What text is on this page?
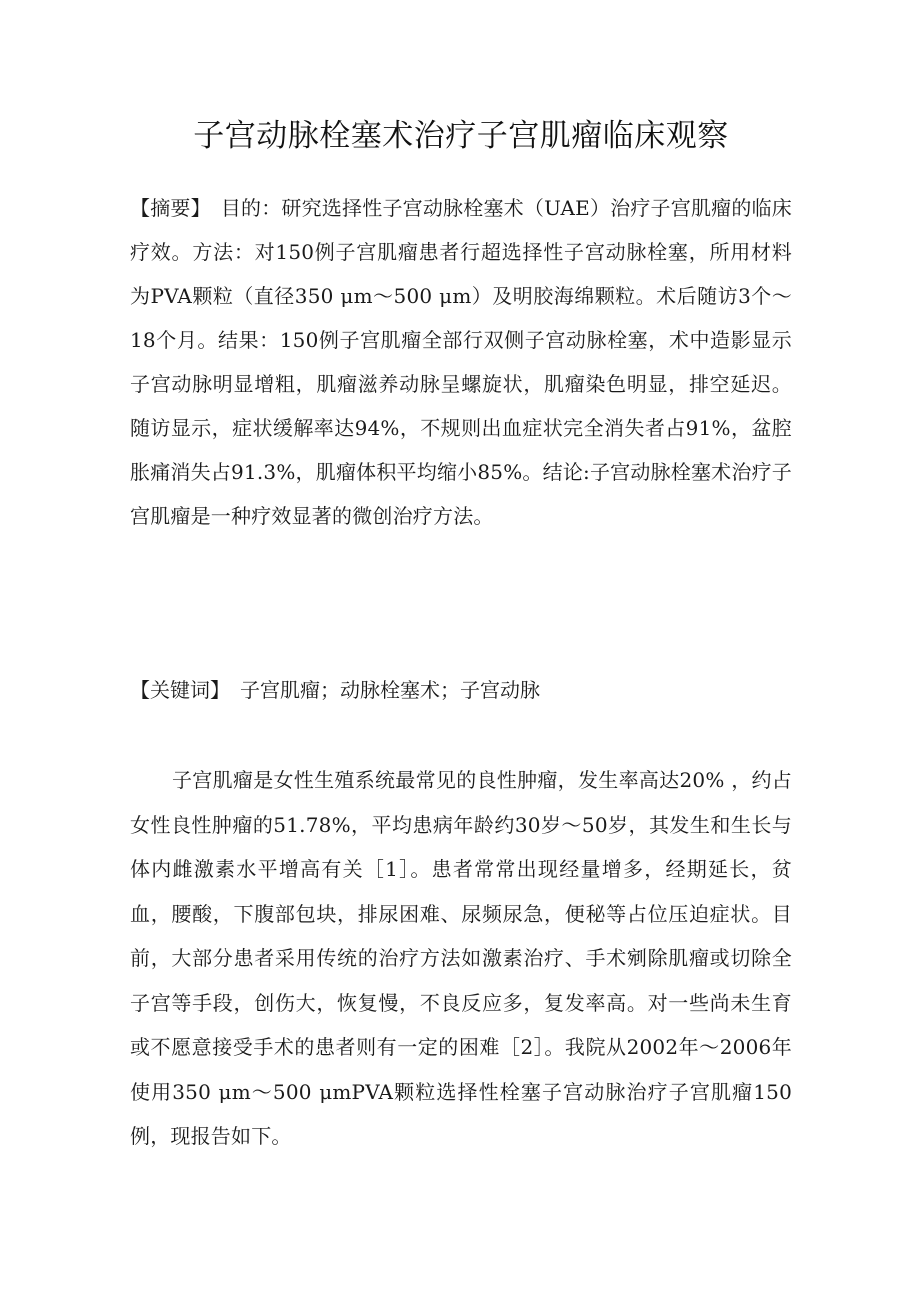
子宫动脉栓塞术治疗子宫肌瘤临床观察

【摘要】 目的：研究选择性子宫动脉栓塞术（UAE）治疗子宫肌瘤的临床疗效。方法：对150例子宫肌瘤患者行超选择性子宫动脉栓塞，所用材料为PVA颗粒（直径350 μm～500 μm）及明胶海绵颗粒。术后随访3个～18个月。结果：150例子宫肌瘤全部行双侧子宫动脉栓塞，术中造影显示子宫动脉明显增粗，肌瘤滋养动脉呈螺旋状，肌瘤染色明显，排空延迟。随访显示，症状缓解率达94%，不规则出血症状完全消失者占91%，盆腔胀痛消失占91.3%，肌瘤体积平均缩小85%。结论:子宫动脉栓塞术治疗子宫肌瘤是一种疗效显著的微创治疗方法。

【关键词】 子宫肌瘤；动脉栓塞术；子宫动脉

子宫肌瘤是女性生殖系统最常见的良性肿瘤，发生率高达20% ，约占女性良性肿瘤的51.78%，平均患病年龄约30岁～50岁，其发生和生长与体内雌激素水平增高有关［1］。患者常常出现经量增多，经期延长，贫血，腰酸，下腹部包块，排尿困难、尿频尿急，便秘等占位压迫症状。目前，大部分患者采用传统的治疗方法如激素治疗、手术剜除肌瘤或切除全子宫等手段，创伤大，恢复慢，不良反应多，复发率高。对一些尚未生育或不愿意接受手术的患者则有一定的困难［2］。我院从2002年～2006年使用350 μm～500 μmPVA颗粒选择性栓塞子宫动脉治疗子宫肌瘤150例，现报告如下。
